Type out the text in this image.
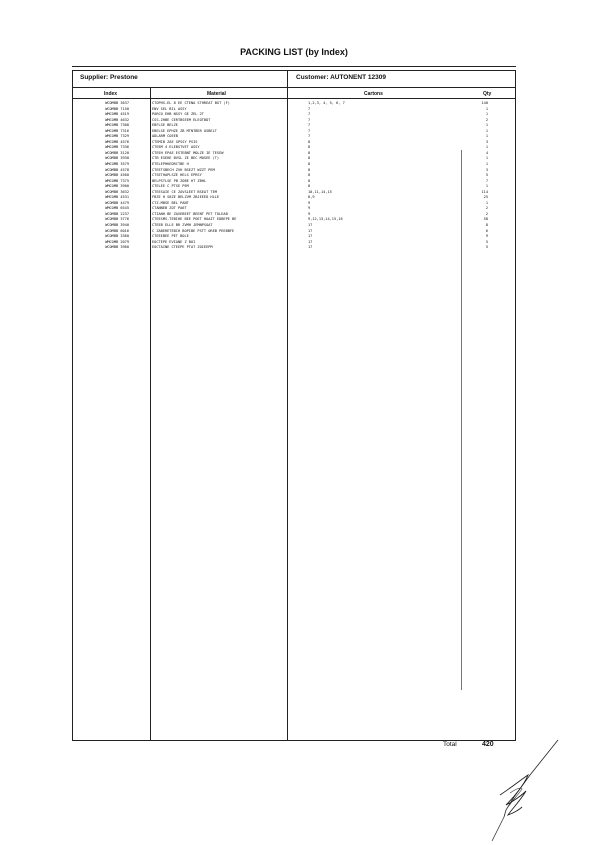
PACKING LIST (by Index)
Supplier: Prestone	Customer: AUTONENT 12309
Index	Material	Cartons	Qty
WCOMBB 3637	CTOPHS-EL 8 EE CTENA STHREAT BGT (F)	1,2,3, 4, 5, 6, 7	140
WCOMBB 7150	ENV SEL BIL ASSY	7	1
WMCOMB 4519	PARCO EHB NSSY GE ZEL 2T	7	1
WMCOMB 4632	CSS-ZHBE CERTBSEEM ELEOTBDT	7	2
WMCOMB 7308	EBFLSE BELZE	7	1
WMCOMB 7316	EBELSE EPHZE ZB MTNTBER OSBELT	7	1
WMCOMB 7329	ADLARM COEEB	7	1
WMCOMB 4576	CTEMIB ZAE GPSSY PSIS	8	3
WMCOMB 7336	CTEEM 4 ELEBSTVET ASSY	8	1
WCOMBB 3120	CTEEH EPAE ESTEBNT MOLZE IE TESEW	8	4
WCOMBB 3930	CTB ESEHE BVSL ZE BEC MOSEE (T)	8	1
WMCOMB 3579	ETELEPHKEDRCTBE H	8	1
WCOMBB 4578	CTEETSBECH ZVH BSEZT WZZT PEM	8	3
WCOMBB 4560	CTSETHAPLSZE HELS EPRSY	8	5
WMCOMB 7375	BELPSTLSE PB ZOBE HT ZBHL	8	7
WMCOMB 3900	CTELEE C PTSE PEM	8	1
WCOMBB 3632	CTEESAIE CE ZAVSLEET BSEAT TEM	10,11,14,15	114
WMCOMB 4531	FBZE H S8ZE BELZVM ZBJEEED HLLE	8,9	25
WCOMBB 4479	CTZ-MBSE BEL PANT	9	1
WMCOMB 6545	CTANNEB ZOT PA6T	9	2
WCOMBB 2237	CTIANH BE ZAVEBEET BEENT PET TOLEAB	9	2
WCOMBB 3776	CTEESMS-TEBIHE BEE POET HOAIT EDBEPE BE	9,12,13,14,15,16	58
WCOMBB 3940	CTEEB ELLE BR ZVMH JEMNPSOAT	17	8
WCOMBB 6016	C ZABERETEBCH BOPIBE PSTT OREB PEEBBFE	17	6
WCOMBB 3360	CTEEEBEE PET BOLE	17	9
WMCOMB 2079	EOCTEPE EVIANE Z BOI	17	5
WCOMBB 3960	EOCTAINE CTEEPE PTAT ZOIEEPM	17	5
Total	420
